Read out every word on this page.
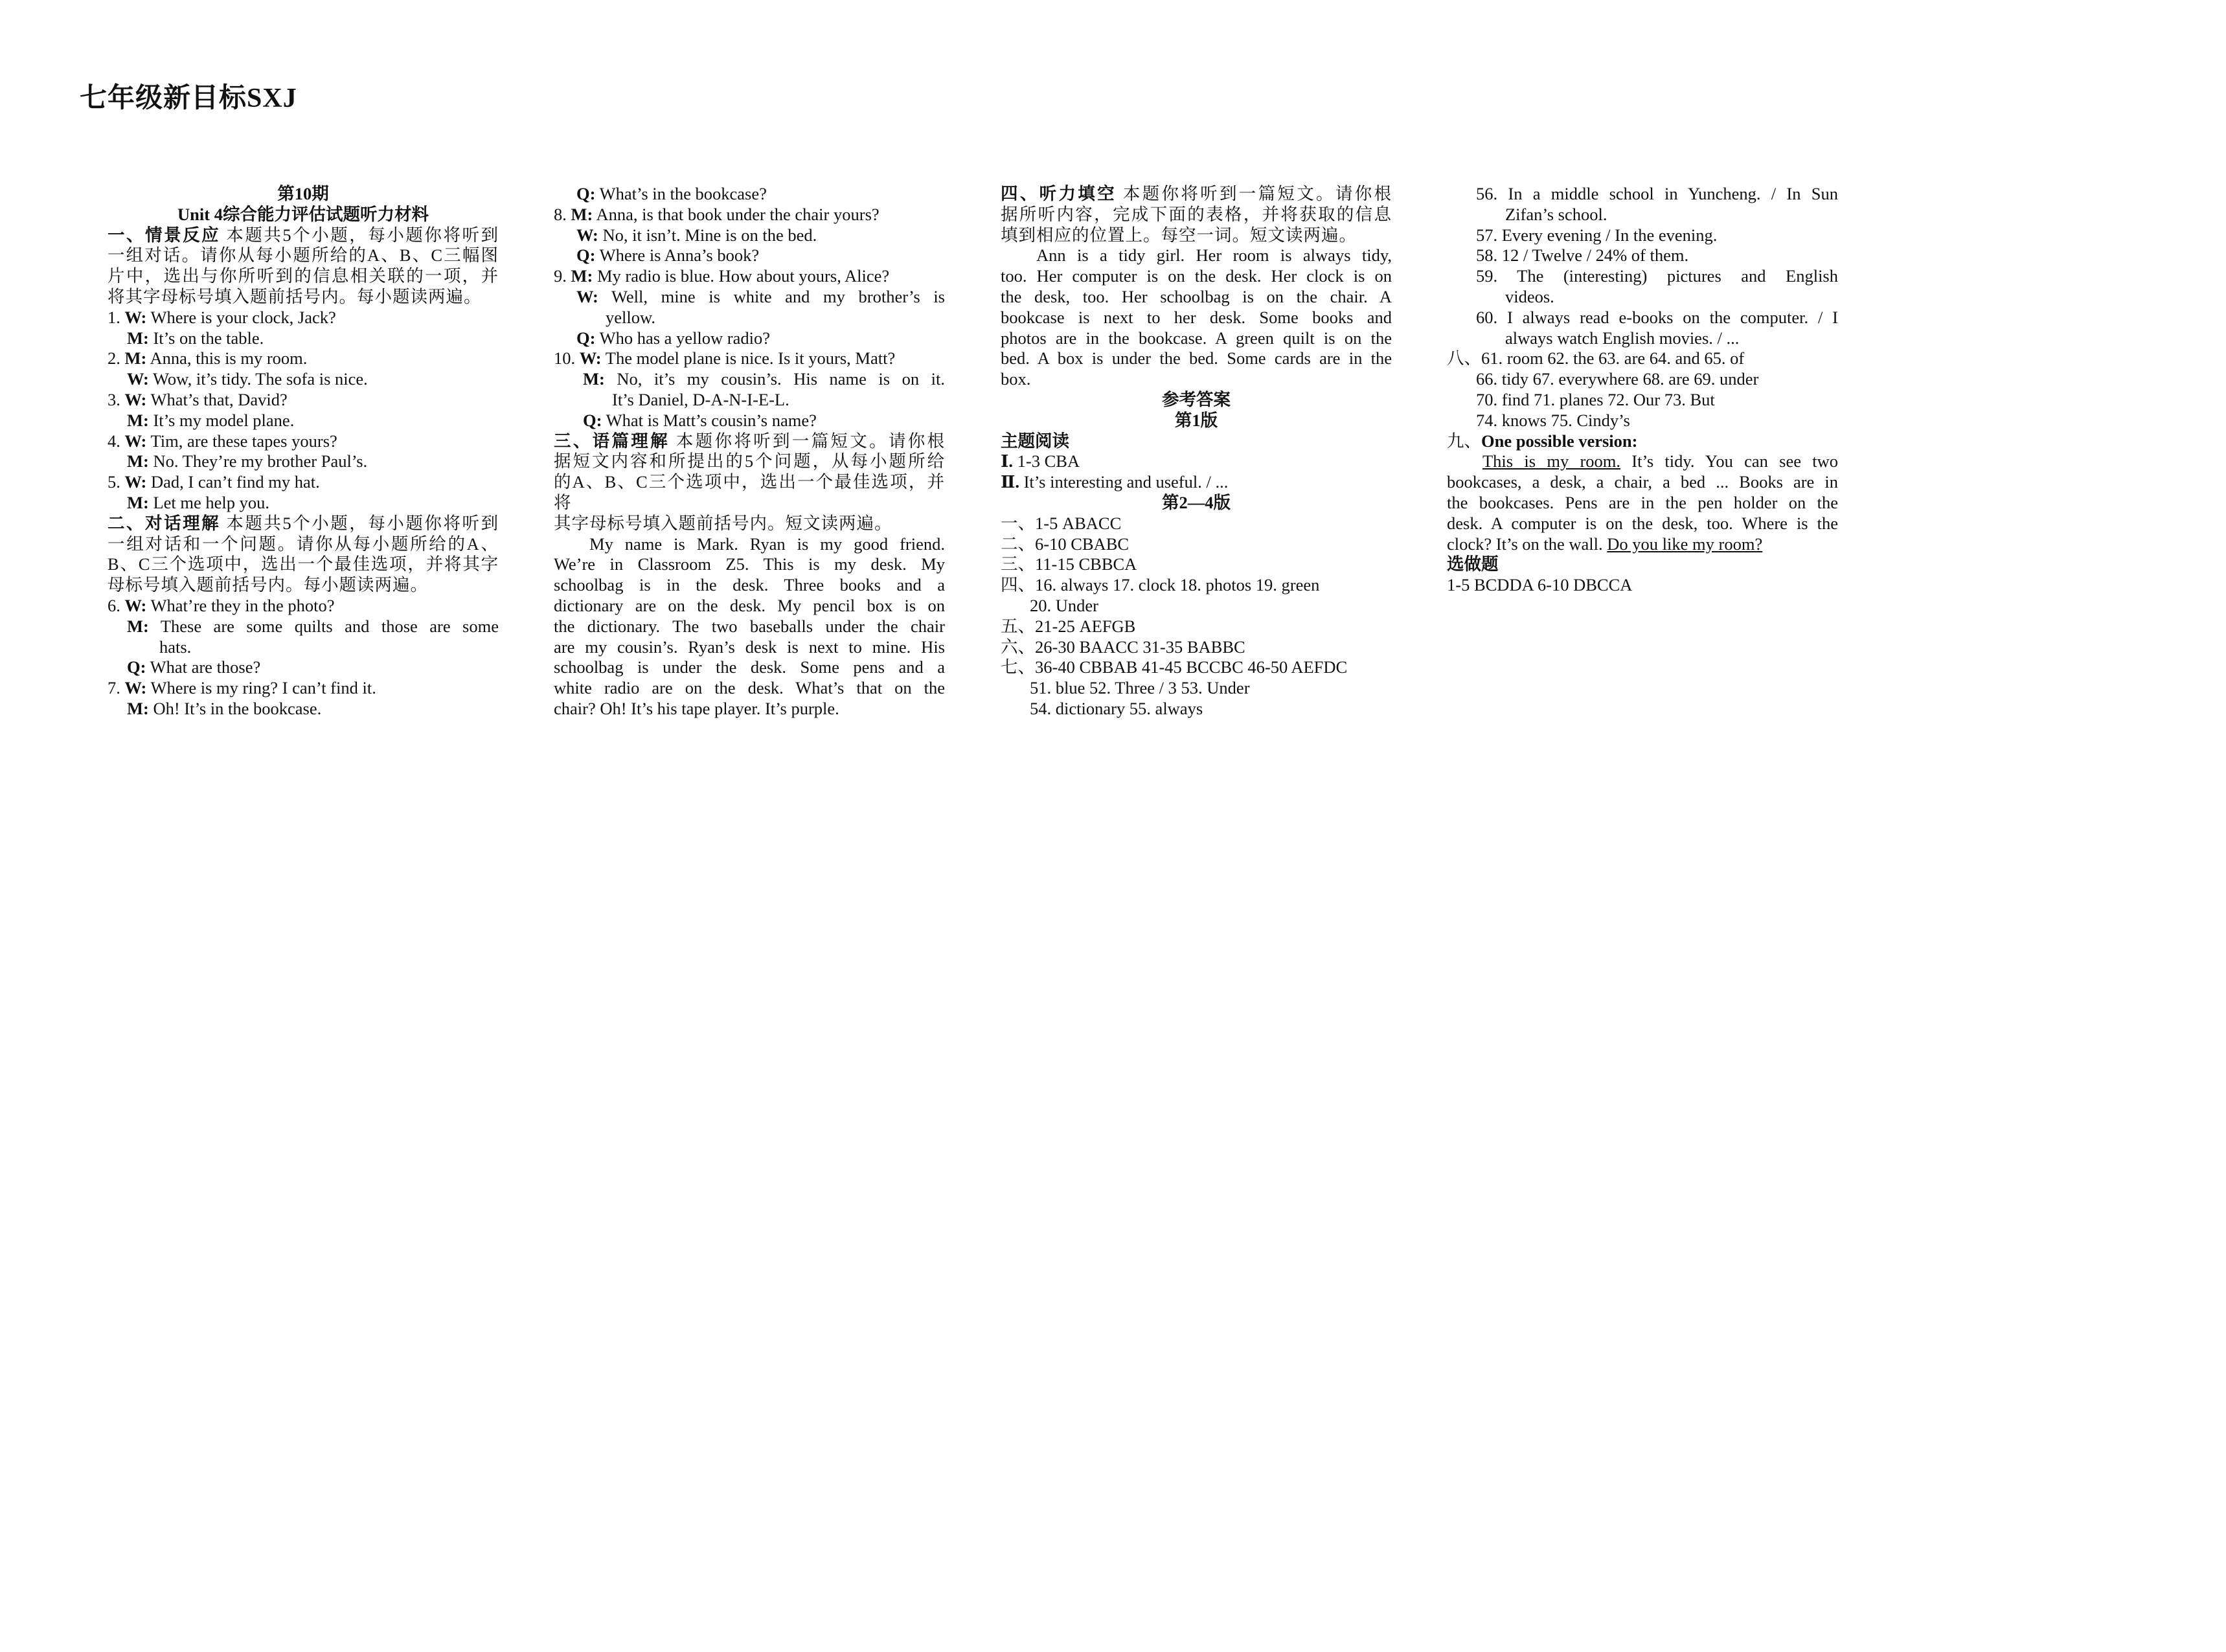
七年级新目标SXJ
第10期
Unit 4综合能力评估试题听力材料
一、情景反应 本题共5个小题，每小题你将听到
一组对话。请你从每小题所给的A、B、C三幅图
片中，选出与你所听到的信息相关联的一项，并
将其字母标号填入题前括号内。每小题读两遍。
1. W: Where is your clock, Jack?
M: It’s on the table.
2. M: Anna, this is my room.
W: Wow, it’s tidy. The sofa is nice.
3. W: What’s that, David?
M: It’s my model plane.
4. W: Tim, are these tapes yours?
M: No. They’re my brother Paul’s.
5. W: Dad, I can’t find my hat.
M: Let me help you.
二、对话理解 本题共5个小题，每小题你将听到
一组对话和一个问题。请你从每小题所给的A、
B、C三个选项中，选出一个最佳选项，并将其字
母标号填入题前括号内。每小题读两遍。
6. W: What’re they in the photo?
M: These are some quilts and those are some
hats.
Q: What are those?
7. W: Where is my ring? I can’t find it.
M: Oh! It’s in the bookcase.
Q: What’s in the bookcase?
8. M: Anna, is that book under the chair yours?
W: No, it isn’t. Mine is on the bed.
Q: Where is Anna’s book?
9. M: My radio is blue. How about yours, Alice?
W: Well, mine is white and my brother’s is
yellow.
Q: Who has a yellow radio?
10. W: The model plane is nice. Is it yours, Matt?
M: No, it’s my cousin’s. His name is on it.
It’s Daniel, D-A-N-I-E-L.
Q: What is Matt’s cousin’s name?
三、语篇理解 本题你将听到一篇短文。请你根
据短文内容和所提出的5个问题，从每小题所给
的A、B、C三个选项中，选出一个最佳选项，并将
其字母标号填入题前括号内。短文读两遍。
My name is Mark. Ryan is my good friend.
We’re in Classroom Z5. This is my desk. My
schoolbag is in the desk. Three books and a
dictionary are on the desk. My pencil box is on
the dictionary. The two baseballs under the chair
are my cousin’s. Ryan’s desk is next to mine. His
schoolbag is under the desk. Some pens and a
white radio are on the desk. What’s that on the
chair? Oh! It’s his tape player. It’s purple.
四、听力填空 本题你将听到一篇短文。请你根
据所听内容，完成下面的表格，并将获取的信息
填到相应的位置上。每空一词。短文读两遍。
Ann is a tidy girl. Her room is always tidy,
too. Her computer is on the desk. Her clock is on
the desk, too. Her schoolbag is on the chair. A
bookcase is next to her desk. Some books and
photos are in the bookcase. A green quilt is on the
bed. A box is under the bed. Some cards are in the
box.
参考答案
第1版
主题阅读
Ⅰ. 1-3 CBA
Ⅱ. It’s interesting and useful. / ...
第2—4版
一、1-5 ABACC
二、6-10 CBABC
三、11-15 CBBCA
四、16. always 17. clock 18. photos 19. green
20. Under
五、21-25 AEFGB
六、26-30 BAACC 31-35 BABBC
七、36-40 CBBAB 41-45 BCCBC 46-50 AEFDC
51. blue 52. Three / 3 53. Under
54. dictionary 55. always
56. In a middle school in Yuncheng. / In Sun
Zifan’s school.
57. Every evening / In the evening.
58. 12 / Twelve / 24% of them.
59. The (interesting) pictures and English
videos.
60. I always read e-books on the computer. / I
always watch English movies. / ...
八、61. room 62. the 63. are 64. and 65. of
66. tidy 67. everywhere 68. are 69. under
70. find 71. planes 72. Our 73. But
74. knows 75. Cindy’s
九、One possible version:
This is my room. It’s tidy. You can see two
bookcases, a desk, a chair, a bed ... Books are in
the bookcases. Pens are in the pen holder on the
desk. A computer is on the desk, too. Where is the
clock? It’s on the wall. Do you like my room?
选做题
1-5 BCDDA 6-10 DBCCA
